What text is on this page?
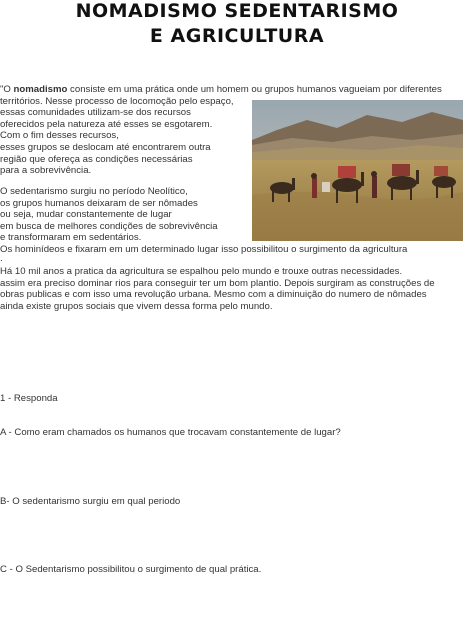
NOMADISMO SEDENTARISMO
E AGRICULTURA
"O nomadismo consiste em uma prática onde um homem ou grupos humanos vagueiam por diferentes
territórios. Nesse processo de locomoção pelo espaço,
essas comunidades utilizam-se dos recursos
oferecidos pela natureza até esses se esgotarem.
Com o fim desses recursos,
esses grupos se deslocam até encontrarem outra
região que ofereça as condições necessárias
para a sobrevivência.
O sedentarismo surgiu no período Neolítico,
os grupos humanos deixaram de ser nômades
ou seja, mudar constantemente de lugar
em busca de melhores condições de sobrevivência
e transformaram em sedentários.
Os hominídeos e fixaram em um determinado lugar isso possibilitou o surgimento da agricultura
.
Há 10 mil anos a pratica da agricultura se espalhou pelo mundo e trouxe outras necessidades.
assim era preciso dominar rios para conseguir ter um bom plantio. Depois surgiram as construções de
obras publicas e com isso uma revolução urbana. Mesmo com a diminuição do numero de nômades
ainda existe grupos sociais que vivem dessa forma pelo mundo.
1 - Responda
A - Como eram chamados os humanos que trocavam constantemente de lugar?
B- O sedentarismo surgiu em qual periodo
C - O Sedentarismo possibilitou o surgimento de qual prática.
